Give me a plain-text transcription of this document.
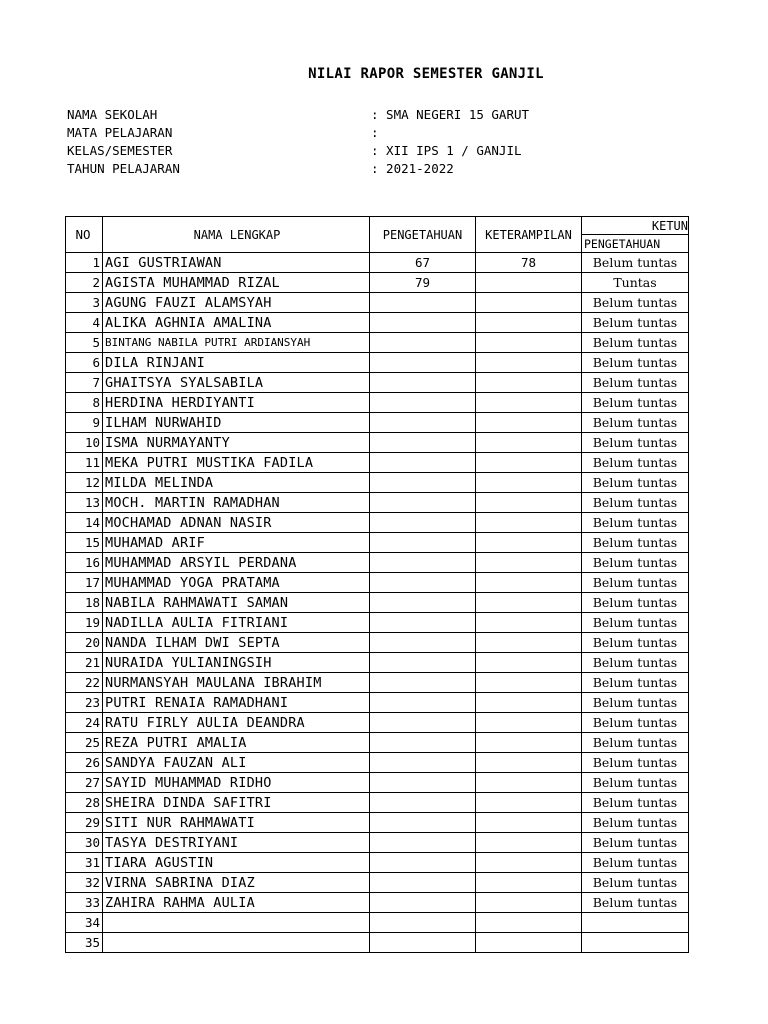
NILAI RAPOR SEMESTER GANJIL
NAMA SEKOLAH	: SMA NEGERI 15 GARUT
MATA PELAJARAN	:
KELAS/SEMESTER	: XII IPS 1 / GANJIL
TAHUN PELAJARAN	: 2021-2022
NO	NAMA LENGKAP	PENGETAHUAN	KETERAMPILAN	KETUN
				PENGETAHUAN
1	AGI GUSTRIAWAN	67	78	Belum tuntas
2	AGISTA MUHAMMAD RIZAL	79		Tuntas
3	AGUNG FAUZI ALAMSYAH			Belum tuntas
4	ALIKA AGHNIA AMALINA			Belum tuntas
5	BINTANG NABILA PUTRI ARDIANSYAH			Belum tuntas
6	DILA RINJANI			Belum tuntas
7	GHAITSYA SYALSABILA			Belum tuntas
8	HERDINA HERDIYANTI			Belum tuntas
9	ILHAM NURWAHID			Belum tuntas
10	ISMA NURMAYANTY			Belum tuntas
11	MEKA PUTRI MUSTIKA FADILA			Belum tuntas
12	MILDA MELINDA			Belum tuntas
13	MOCH. MARTIN RAMADHAN			Belum tuntas
14	MOCHAMAD ADNAN NASIR			Belum tuntas
15	MUHAMAD ARIF			Belum tuntas
16	MUHAMMAD ARSYIL PERDANA			Belum tuntas
17	MUHAMMAD YOGA PRATAMA			Belum tuntas
18	NABILA RAHMAWATI SAMAN			Belum tuntas
19	NADILLA AULIA FITRIANI			Belum tuntas
20	NANDA ILHAM DWI SEPTA			Belum tuntas
21	NURAIDA YULIANINGSIH			Belum tuntas
22	NURMANSYAH MAULANA IBRAHIM			Belum tuntas
23	PUTRI RENAIA RAMADHANI			Belum tuntas
24	RATU FIRLY AULIA DEANDRA			Belum tuntas
25	REZA PUTRI AMALIA			Belum tuntas
26	SANDYA FAUZAN ALI			Belum tuntas
27	SAYID MUHAMMAD RIDHO			Belum tuntas
28	SHEIRA DINDA SAFITRI			Belum tuntas
29	SITI NUR RAHMAWATI			Belum tuntas
30	TASYA DESTRIYANI			Belum tuntas
31	TIARA AGUSTIN			Belum tuntas
32	VIRNA SABRINA DIAZ			Belum tuntas
33	ZAHIRA RAHMA AULIA			Belum tuntas
34				
35				
